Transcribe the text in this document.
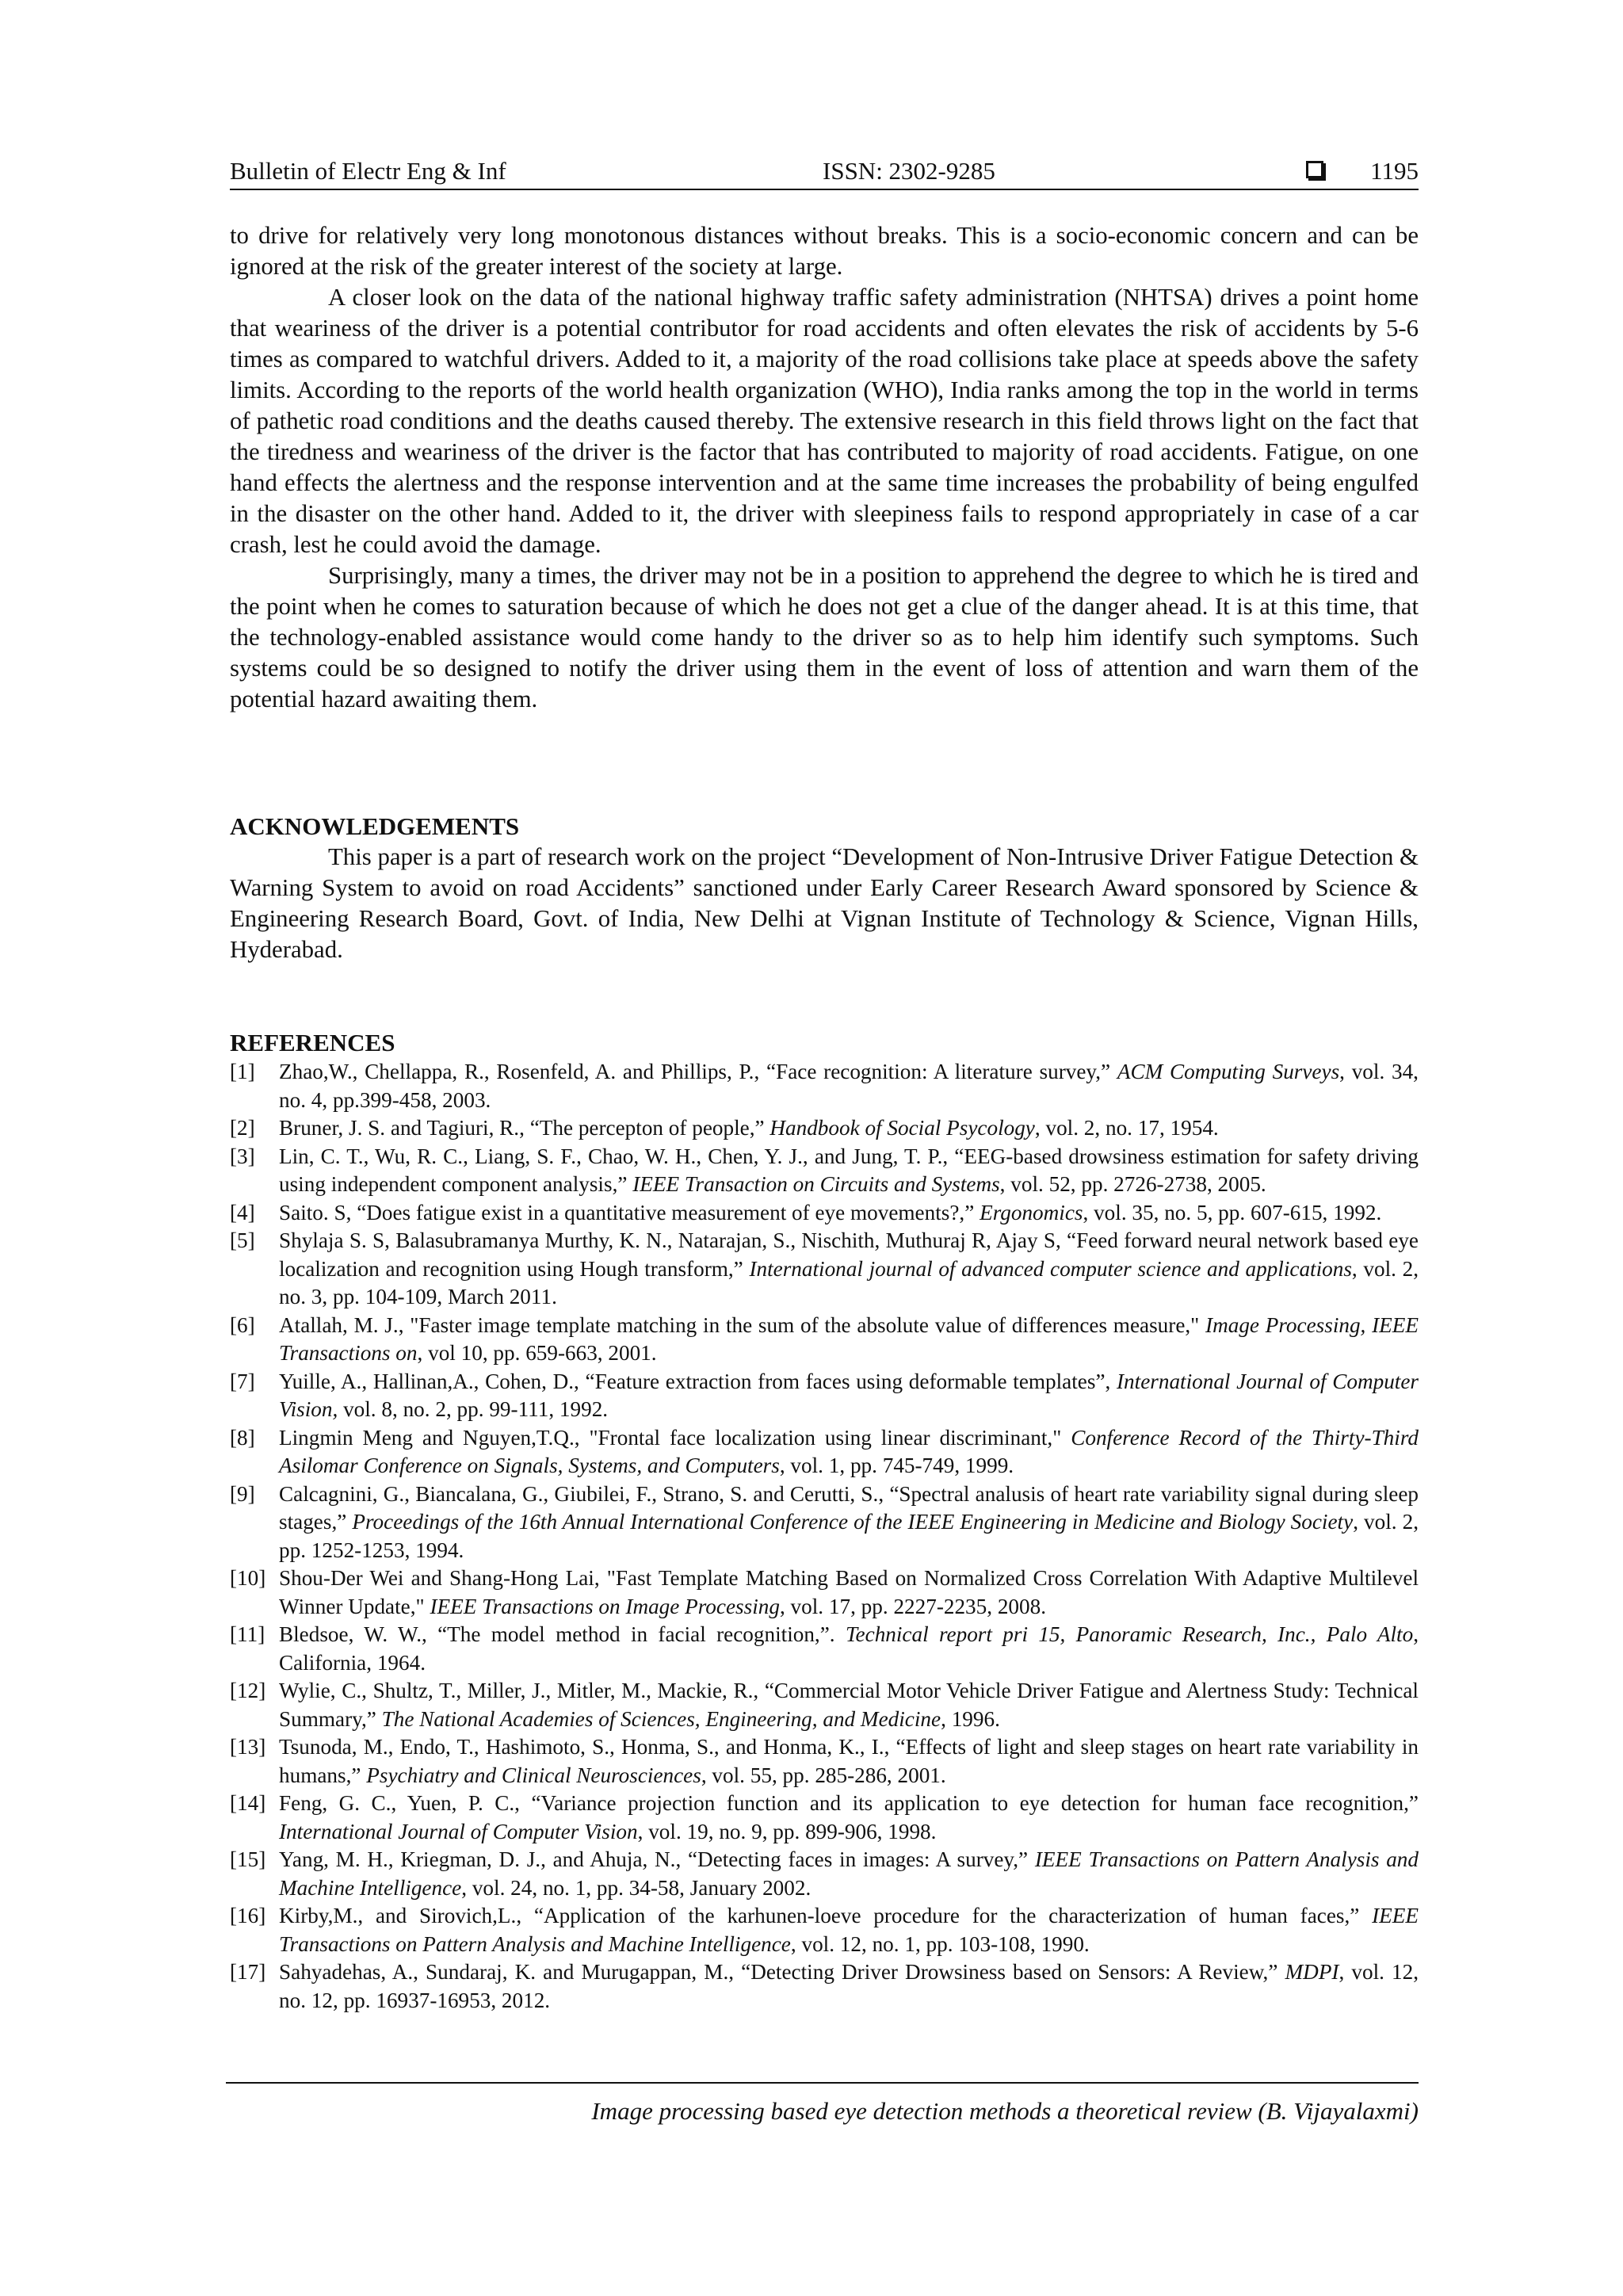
Bulletin of Electr Eng & Inf	ISSN: 2302-9285	1195

to drive for relatively very long monotonous distances without breaks. This is a socio-economic concern and can be ignored at the risk of the greater interest of the society at large.

A closer look on the data of the national highway traffic safety administration (NHTSA) drives a point home that weariness of the driver is a potential contributor for road accidents and often elevates the risk of accidents by 5-6 times as compared to watchful drivers. Added to it, a majority of the road collisions take place at speeds above the safety limits. According to the reports of the world health organization (WHO), India ranks among the top in the world in terms of pathetic road conditions and the deaths caused thereby. The extensive research in this field throws light on the fact that the tiredness and weariness of the driver is the factor that has contributed to majority of road accidents. Fatigue, on one hand effects the alertness and the response intervention and at the same time increases the probability of being engulfed in the disaster on the other hand. Added to it, the driver with sleepiness fails to respond appropriately in case of a car crash, lest he could avoid the damage.

Surprisingly, many a times, the driver may not be in a position to apprehend the degree to which he is tired and the point when he comes to saturation because of which he does not get a clue of the danger ahead. It is at this time, that the technology-enabled assistance would come handy to the driver so as to help him identify such symptoms. Such systems could be so designed to notify the driver using them in the event of loss of attention and warn them of the potential hazard awaiting them.

ACKNOWLEDGEMENTS

This paper is a part of research work on the project “Development of Non-Intrusive Driver Fatigue Detection & Warning System to avoid on road Accidents” sanctioned under Early Career Research Award sponsored by Science & Engineering Research Board, Govt. of India, New Delhi at Vignan Institute of Technology & Science, Vignan Hills, Hyderabad.

REFERENCES
[1] Zhao,W., Chellappa, R., Rosenfeld, A. and Phillips, P., “Face recognition: A literature survey,” ACM Computing Surveys, vol. 34, no. 4, pp.399-458, 2003.
[2] Bruner, J. S. and Tagiuri, R., “The percepton of people,” Handbook of Social Psycology, vol. 2, no. 17, 1954.
[3] Lin, C. T., Wu, R. C., Liang, S. F., Chao, W. H., Chen, Y. J., and Jung, T. P., “EEG-based drowsiness estimation for safety driving using independent component analysis,” IEEE Transaction on Circuits and Systems, vol. 52, pp. 2726-2738, 2005.
[4] Saito. S, “Does fatigue exist in a quantitative measurement of eye movements?,” Ergonomics, vol. 35, no. 5, pp. 607-615, 1992.
[5] Shylaja S. S, Balasubramanya Murthy, K. N., Natarajan, S., Nischith, Muthuraj R, Ajay S, “Feed forward neural network based eye localization and recognition using Hough transform,” International journal of advanced computer science and applications, vol. 2, no. 3, pp. 104-109, March 2011.
[6] Atallah, M. J., "Faster image template matching in the sum of the absolute value of differences measure," Image Processing, IEEE Transactions on, vol 10, pp. 659-663, 2001.
[7] Yuille, A., Hallinan,A., Cohen, D., “Feature extraction from faces using deformable templates”, International Journal of Computer Vision, vol. 8, no. 2, pp. 99-111, 1992.
[8] Lingmin Meng and Nguyen,T.Q., "Frontal face localization using linear discriminant," Conference Record of the Thirty-Third Asilomar Conference on Signals, Systems, and Computers, vol. 1, pp. 745-749, 1999.
[9] Calcagnini, G., Biancalana, G., Giubilei, F., Strano, S. and Cerutti, S., “Spectral analusis of heart rate variability signal during sleep stages,” Proceedings of the 16th Annual International Conference of the IEEE Engineering in Medicine and Biology Society, vol. 2, pp. 1252-1253, 1994.
[10] Shou-Der Wei and Shang-Hong Lai, "Fast Template Matching Based on Normalized Cross Correlation With Adaptive Multilevel Winner Update," IEEE Transactions on Image Processing, vol. 17, pp. 2227-2235, 2008.
[11] Bledsoe, W. W., “The model method in facial recognition,”. Technical report pri 15, Panoramic Research, Inc., Palo Alto, California, 1964.
[12] Wylie, C., Shultz, T., Miller, J., Mitler, M., Mackie, R., “Commercial Motor Vehicle Driver Fatigue and Alertness Study: Technical Summary,” The National Academies of Sciences, Engineering, and Medicine, 1996.
[13] Tsunoda, M., Endo, T., Hashimoto, S., Honma, S., and Honma, K., I., “Effects of light and sleep stages on heart rate variability in humans,” Psychiatry and Clinical Neurosciences, vol. 55, pp. 285-286, 2001.
[14] Feng, G. C., Yuen, P. C., “Variance projection function and its application to eye detection for human face recognition,” International Journal of Computer Vision, vol. 19, no. 9, pp. 899-906, 1998.
[15] Yang, M. H., Kriegman, D. J., and Ahuja, N., “Detecting faces in images: A survey,” IEEE Transactions on Pattern Analysis and Machine Intelligence, vol. 24, no. 1, pp. 34-58, January 2002.
[16] Kirby,M., and Sirovich,L., “Application of the karhunen-loeve procedure for the characterization of human faces,” IEEE Transactions on Pattern Analysis and Machine Intelligence, vol. 12, no. 1, pp. 103-108, 1990.
[17] Sahyadehas, A., Sundaraj, K. and Murugappan, M., “Detecting Driver Drowsiness based on Sensors: A Review,” MDPI, vol. 12, no. 12, pp. 16937-16953, 2012.
Image processing based eye detection methods a theoretical review (B. Vijayalaxmi)
